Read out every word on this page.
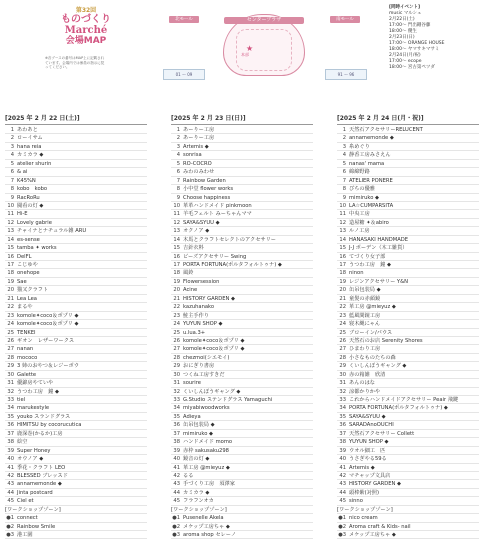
第32回
ものづくりMarché
会場MAP
北モール
01 ～ 09
センタープラザ
★
本部
南モール
91 ～ 96
※各ブースの番号はMAP上に記載されています。会場内では係員の指示に従ってください。
[同時イベント]
music マルシェ
2月22日(土)
17:00～ 門出剛谷藤
18:00～ 優生
2月23日(日)
17:00～ ORANGE HOUSE
18:00～ ヤマサキマサミ
2月24日(月/祝)
17:00～ ecope
18:00～ 宮古第ペツダ
[2025 年 2 月 22 日(土)]
1 あわあと
2 ローイサム
3 hana reia
4 カミカラ ◆
5 atelier shurin
6 & ai
7 K45%N
8 kobo　kobo
9 RacRoRu
10 闘看の灯 ◆
11 Hi-E
12 Lovely gabrie
13 チャイナとナチュラル雑 ARU
14 es-sense
15 tamba ✦ works
16 DelFL
17 こじゆや
18 onehope
19 Sae
20 猫又クラフト
21 Lea Lea
22 まるや
23 komole✦coco＆ポプリ ◆
24 komole✦coco＆ポプリ ◆
25 TENKEI
26 ギオン　レザーワークス
27 nanan
28 mococo
29 3 姉のおやつ＆レジーボウ
30 Galette
31 優錦房やていや
32 うつわ工房　鐘 ◆
33 tiel
34 marukestyle
35 youko スランドグラス
36 HIMITSU by cocorucutica
37 鹿深巻(かるか)工房
38 絵空
39 Super Honey
40 オウノア ◆
41 季花・クラフト LEO
42 BLESSED ブレッスド
43 annamemonde ◆
44 Jinta postcard
45 Ciel et
[ワークショップゾーン]
●1 connect
●2 Rainbow Smile
●3 港工園
[2025 年 2 月 23 日(日)]
1 あーりー工房
2 あーりー工房
3 Artemis ◆
4 sonrisa
5 RO-COCRO
6 みわのみわせ
7 Rainbow Garden
8 小中堂 flower works
9 Choose happiness
10 革革ハンドメイド pinkmoon
11 羊毛フェルト みーちゃんママ
12 SAYA&SYUU ◆
13 オクノア ◆
14 木馬とクラフトセレクトのアクセサリー
15 吉針衣料
16 ビーズアクセサリー Swing
17 PORTA FORTUNA(ポルタフォルトゥナ) ◆
18 風鈴
19 Flowersession
20 Acine
21 HISTORY GARDEN ◆
22 kazuhanako
23 鮭主手作り
24 YUYUN SHOP ◆
25 u.lua.3+
26 komole✦coco＆ポプリ ◆
27 komole✦coco＆ポプリ ◆
28 chezmoi(シエモイ)
29 おにぎり書房
30 つくね工房すきだ
31 sourire
32 くいしんぼうギャング ◆
33 G.Studio ステンドグラス Yamaguchi
34 miyabiwoodworks
35 Adieya
36 缶吊包装局 ◆
37 mimiruko ◆
38 ハンドメイド momo
39 赤枠 sakusaku298
40 鏡音の灯 ◆
41 革工房 @mieyuz ◆
42 るる
43 手づくり工房　須澤家
44 カミカラ ◆
45 フラフンオカ
[ワークショップゾーン]
●1 Pusenelle Akela
●2 メケップ工房ちゃ ◆
●3 aroma shop セレーノ
[2025 年 2 月 24 日(月・祝)]
1 天然石アクセサリーRELUCENT
2 annamemonde ◆
3 糸めぐり
4 静香工房みさえん
5 nanas' mama
6 綿綿野路
7 ATELIER PONERE
8 ぴちの優雅
9 mimiruko ◆
10 LA☆CUMPARSITA
11 中央工房
12 造屋糖 ✦＆abiro
13 ルノ工房
14 HANASAKI HANDMADE
15 J-J ボーデン（木工雑貨）
16 てづくり女子部
17 うつわ工房　鐘 ◆
18 ninon
19 レジンアクセサリー Y&N
20 缶吊包装局 ◆
21 童髪の赤顔鏡
22 革工房 @mieyuz ◆
23 藍風間鏡工房
24 寝木縄にゃん
25 ブローイン/パウス
26 天然石のお店 Serenity Shores
27 ひまわり工房
28 小さなものたちの森
29 くいしんぼうギャング ◆
30 赤の箱雑　欣清
31 あんのはな
32 涼都かりかや
33 これからハンドメイドアクセサリー Peair 飛鍵
34 PORTA FORTUNA(ポルタフォルトゥナ) ◆
35 SAYA&SYUU ◆
36 SARADAnoOUCHI
37 天然石アクセサリー Collett
38 YUYUN SHOP ◆
39 ウオル細工　匹
40 うさぎやる59る
41 Artemis ◆
42 マチャップ文具店
43 HISTORY GARDEN ◆
44 頭棒紫(対照)
45 sinno
[ワークショップゾーン]
●1 nico cream
●2 Aroma craft & Kids- nail
●3 メケップ工房ちゃ ◆
